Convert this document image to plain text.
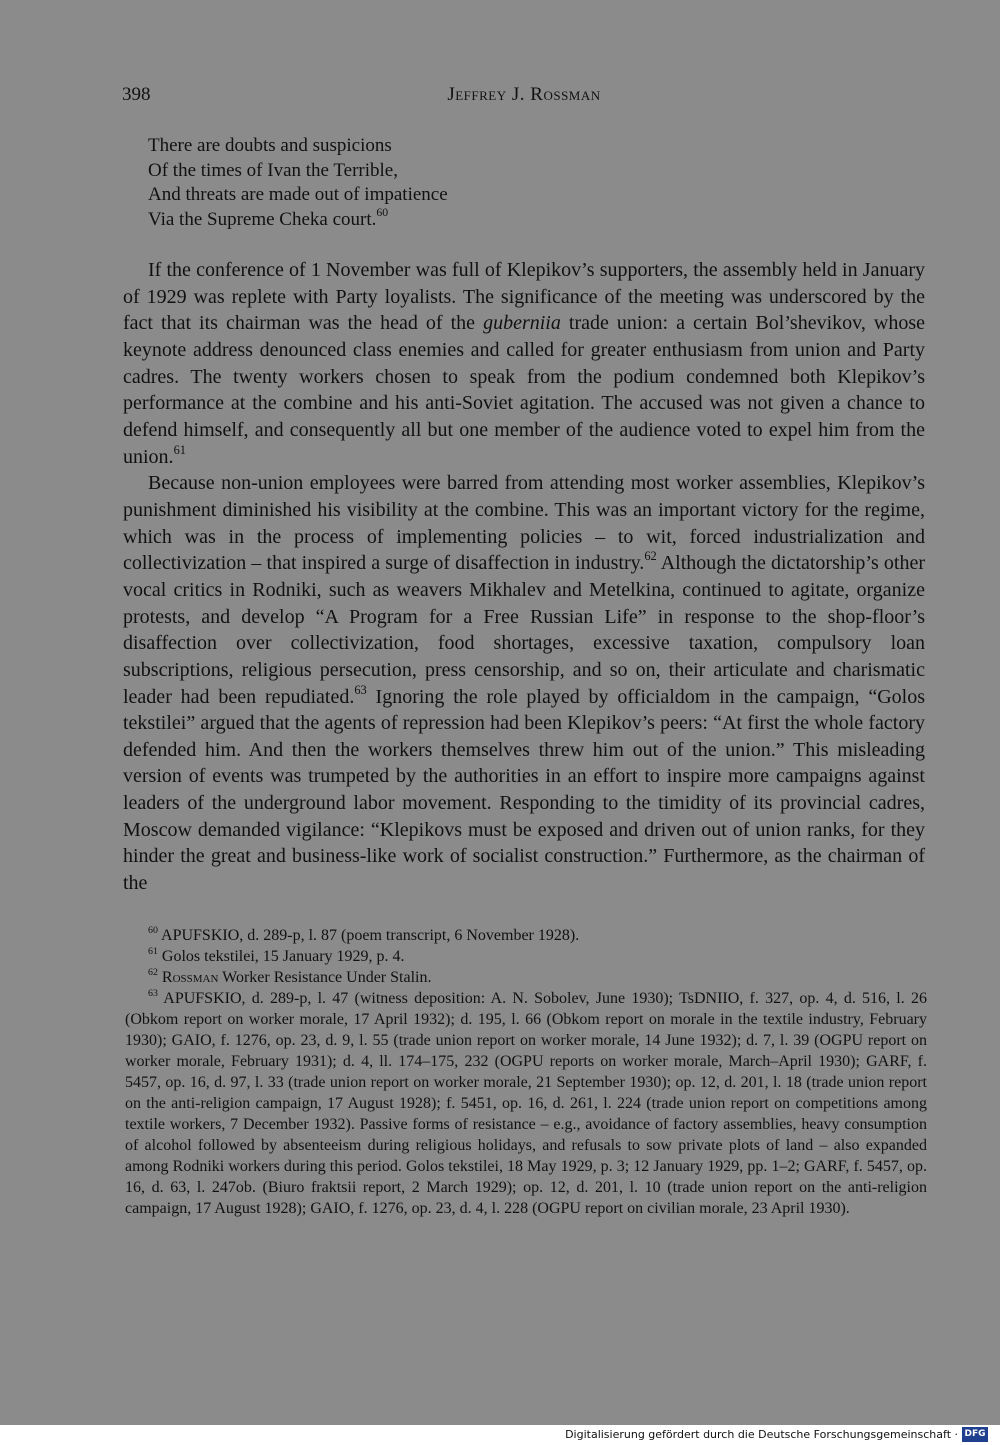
398	Jeffrey J. Rossman
There are doubts and suspicions
Of the times of Ivan the Terrible,
And threats are made out of impatience
Via the Supreme Cheka court.$^{60}$

If the conference of 1 November was full of Klepikov’s supporters, the assembly held in January of 1929 was replete with Party loyalists. The significance of the meeting was underscored by the fact that its chairman was the head of the guberniia trade union: a certain Bol’shevikov, whose keynote address denounced class enemies and called for greater enthusiasm from union and Party cadres. The twenty workers chosen to speak from the podium condemned both Klepikov’s performance at the combine and his anti-Soviet agitation. The accused was not given a chance to defend himself, and consequently all but one member of the audience voted to expel him from the union.$^{61}$

Because non-union employees were barred from attending most worker assemblies, Klepikov’s punishment diminished his visibility at the combine. This was an important victory for the regime, which was in the process of implementing policies – to wit, forced industrialization and collectivization – that inspired a surge of disaffection in industry.$^{62}$ Although the dictatorship’s other vocal critics in Rodniki, such as weavers Mikhalev and Metelkina, continued to agitate, organize protests, and develop “A Program for a Free Russian Life” in response to the shop-floor’s disaffection over collectivization, food shortages, excessive taxation, compulsory loan subscriptions, religious persecution, press censorship, and so on, their articulate and charismatic leader had been repudiated.$^{63}$ Ignoring the role played by officialdom in the campaign, “Golos tekstilei” argued that the agents of repression had been Klepikov’s peers: “At first the whole factory defended him. And then the workers themselves threw him out of the union.” This misleading version of events was trumpeted by the authorities in an effort to inspire more campaigns against leaders of the underground labor movement. Responding to the timidity of its provincial cadres, Moscow demanded vigilance: “Klepikovs must be exposed and driven out of union ranks, for they hinder the great and business-like work of socialist construction.” Furthermore, as the chairman of the

$^{60}$ APUFSKIO, d. 289-p, l. 87 (poem transcript, 6 November 1928).

$^{61}$ Golos tekstilei, 15 January 1929, p. 4.

$^{62}$ Rossman Worker Resistance Under Stalin.

$^{63}$ APUFSKIO, d. 289-p, l. 47 (witness deposition: A. N. Sobolev, June 1930); TsDNIIO, f. 327, op. 4, d. 516, l. 26 (Obkom report on worker morale, 17 April 1932); d. 195, l. 66 (Obkom report on morale in the textile industry, February 1930); GAIO, f. 1276, op. 23, d. 9, l. 55 (trade union report on worker morale, 14 June 1932); d. 7, l. 39 (OGPU report on worker morale, February 1931); d. 4, ll. 174–175, 232 (OGPU reports on worker morale, March–April 1930); GARF, f. 5457, op. 16, d. 97, l. 33 (trade union report on worker morale, 21 September 1930); op. 12, d. 201, l. 18 (trade union report on the anti-religion campaign, 17 August 1928); f. 5451, op. 16, d. 261, l. 224 (trade union report on competitions among textile workers, 7 December 1932). Passive forms of resistance – e.g., avoidance of factory assemblies, heavy consumption of alcohol followed by absenteeism during religious holidays, and refusals to sow private plots of land – also expanded among Rodniki workers during this period. Golos tekstilei, 18 May 1929, p. 3; 12 January 1929, pp. 1–2; GARF, f. 5457, op. 16, d. 63, l. 247ob. (Biuro fraktsii report, 2 March 1929); op. 12, d. 201, l. 10 (trade union report on the anti-religion campaign, 17 August 1928); GAIO, f. 1276, op. 23, d. 4, l. 228 (OGPU report on civilian morale, 23 April 1930).

Digitalisierung gefördert durch die Deutsche Forschungsgemeinschaft · DFG
